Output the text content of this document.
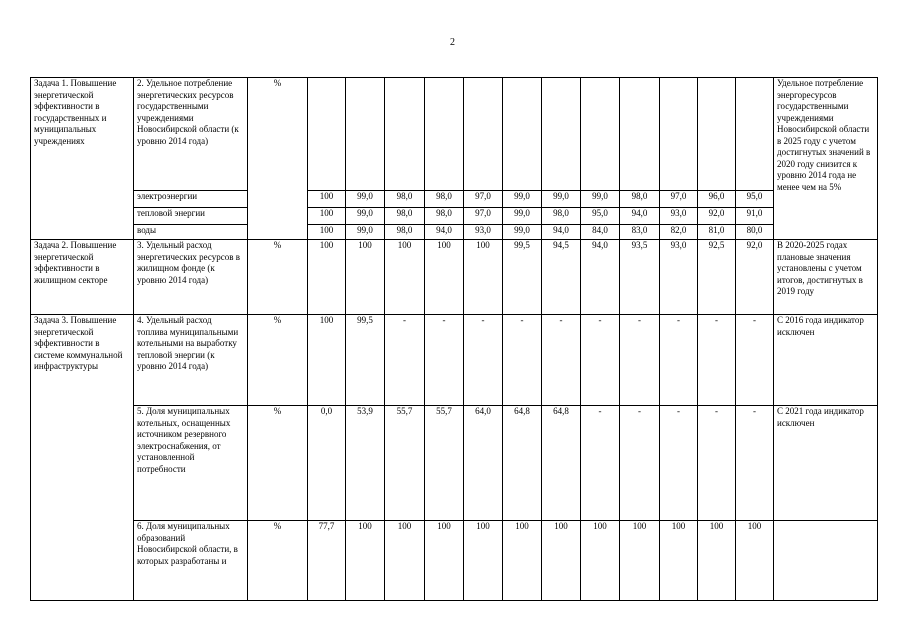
2
Задача 1. Повышение энергетической эффективности в государственных и муниципальных учреждениях	2. Удельное потребление энергетических ресурсов государственными учреждениями Новосибирской области (к уровню 2014 года)	%													Удельное потребление энергоресурсов государственными учреждениями Новосибирской области в 2025 году с учетом достигнутых значений в 2020 году снизится к уровню 2014 года не менее чем на 5%
	электроэнергии		100	99,0	98,0	98,0	97,0	99,0	99,0	99,0	98,0	97,0	96,0	95,0	
	тепловой энергии		100	99,0	98,0	98,0	97,0	99,0	98,0	95,0	94,0	93,0	92,0	91,0	
	воды		100	99,0	98,0	94,0	93,0	99,0	94,0	84,0	83,0	82,0	81,0	80,0	
Задача 2. Повышение энергетической эффективности в жилищном секторе	3. Удельный расход энергетических ресурсов в жилищном фонде (к уровню 2014 года)	%	100	100	100	100	100	99,5	94,5	94,0	93,5	93,0	92,5	92,0	В 2020-2025 годах плановые значения установлены с учетом итогов, достигнутых в 2019 году
Задача 3. Повышение энергетической эффективности в системе коммунальной инфраструктуры	4. Удельный расход топлива муниципальными котельными на выработку тепловой энергии (к уровню 2014 года)	%	100	99,5	-	-	-	-	-	-	-	-	-	-	С 2016 года индикатор исключен
	5. Доля муниципальных котельных, оснащенных источником резервного электроснабжения, от установленной потребности	%	0,0	53,9	55,7	55,7	64,0	64,8	64,8	-	-	-	-	-	С 2021 года индикатор исключен
	6. Доля муниципальных образований Новосибирской области, в которых разработаны и	%	77,7	100	100	100	100	100	100	100	100	100	100	100	
